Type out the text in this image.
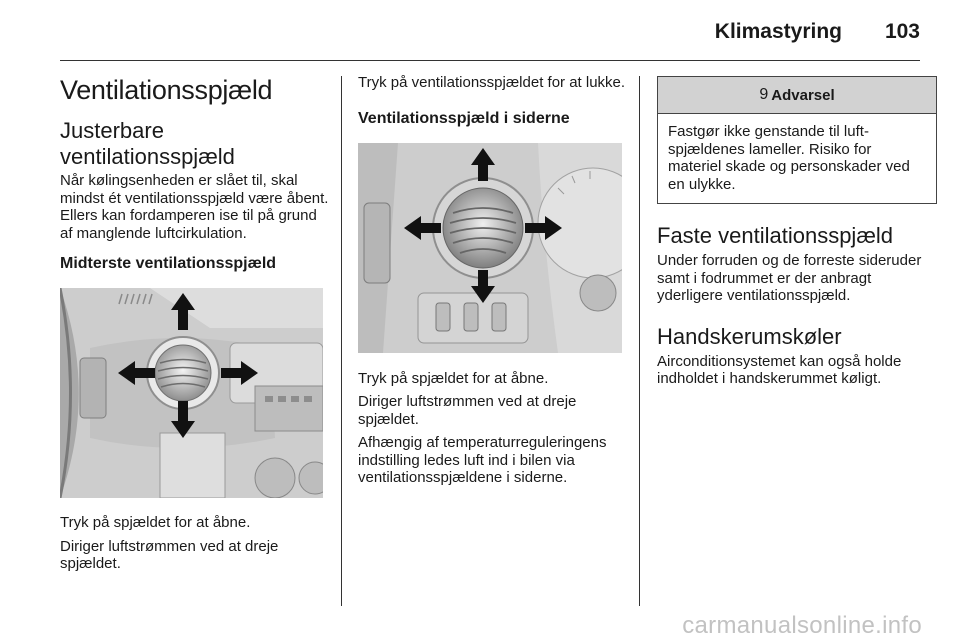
Klimastyring 103
Ventilationsspjæld
Justerbare ventilationsspjæld

Når kølingsenheden er slået til, skal mindst ét ventilationsspjæld være åbent. Ellers kan fordamperen ise til på grund af manglende luftcirkulation.

Midterste ventilationsspjæld

Tryk på spjældet for at åbne.

Diriger luftstrømmen ved at dreje spjældet.

Tryk på ventilationsspjældet for at lukke.

Ventilationsspjæld i siderne

Tryk på spjældet for at åbne.

Diriger luftstrømmen ved at dreje spjældet.

Afhængig af temperaturreguleringens indstilling ledes luft ind i bilen via ventilationsspjældene i siderne.

9 Advarsel

Fastgør ikke genstande til luftspjældenes lameller. Risiko for materiel skade og personskader ved en ulykke.

Faste ventilationsspjæld

Under forruden og de forreste sideruder samt i fodrummet er der anbragt yderligere ventilationsspjæld.

Handskerumskøler

Airconditionsystemet kan også holde indholdet i handskerummet køligt.

carmanualsonline.info
